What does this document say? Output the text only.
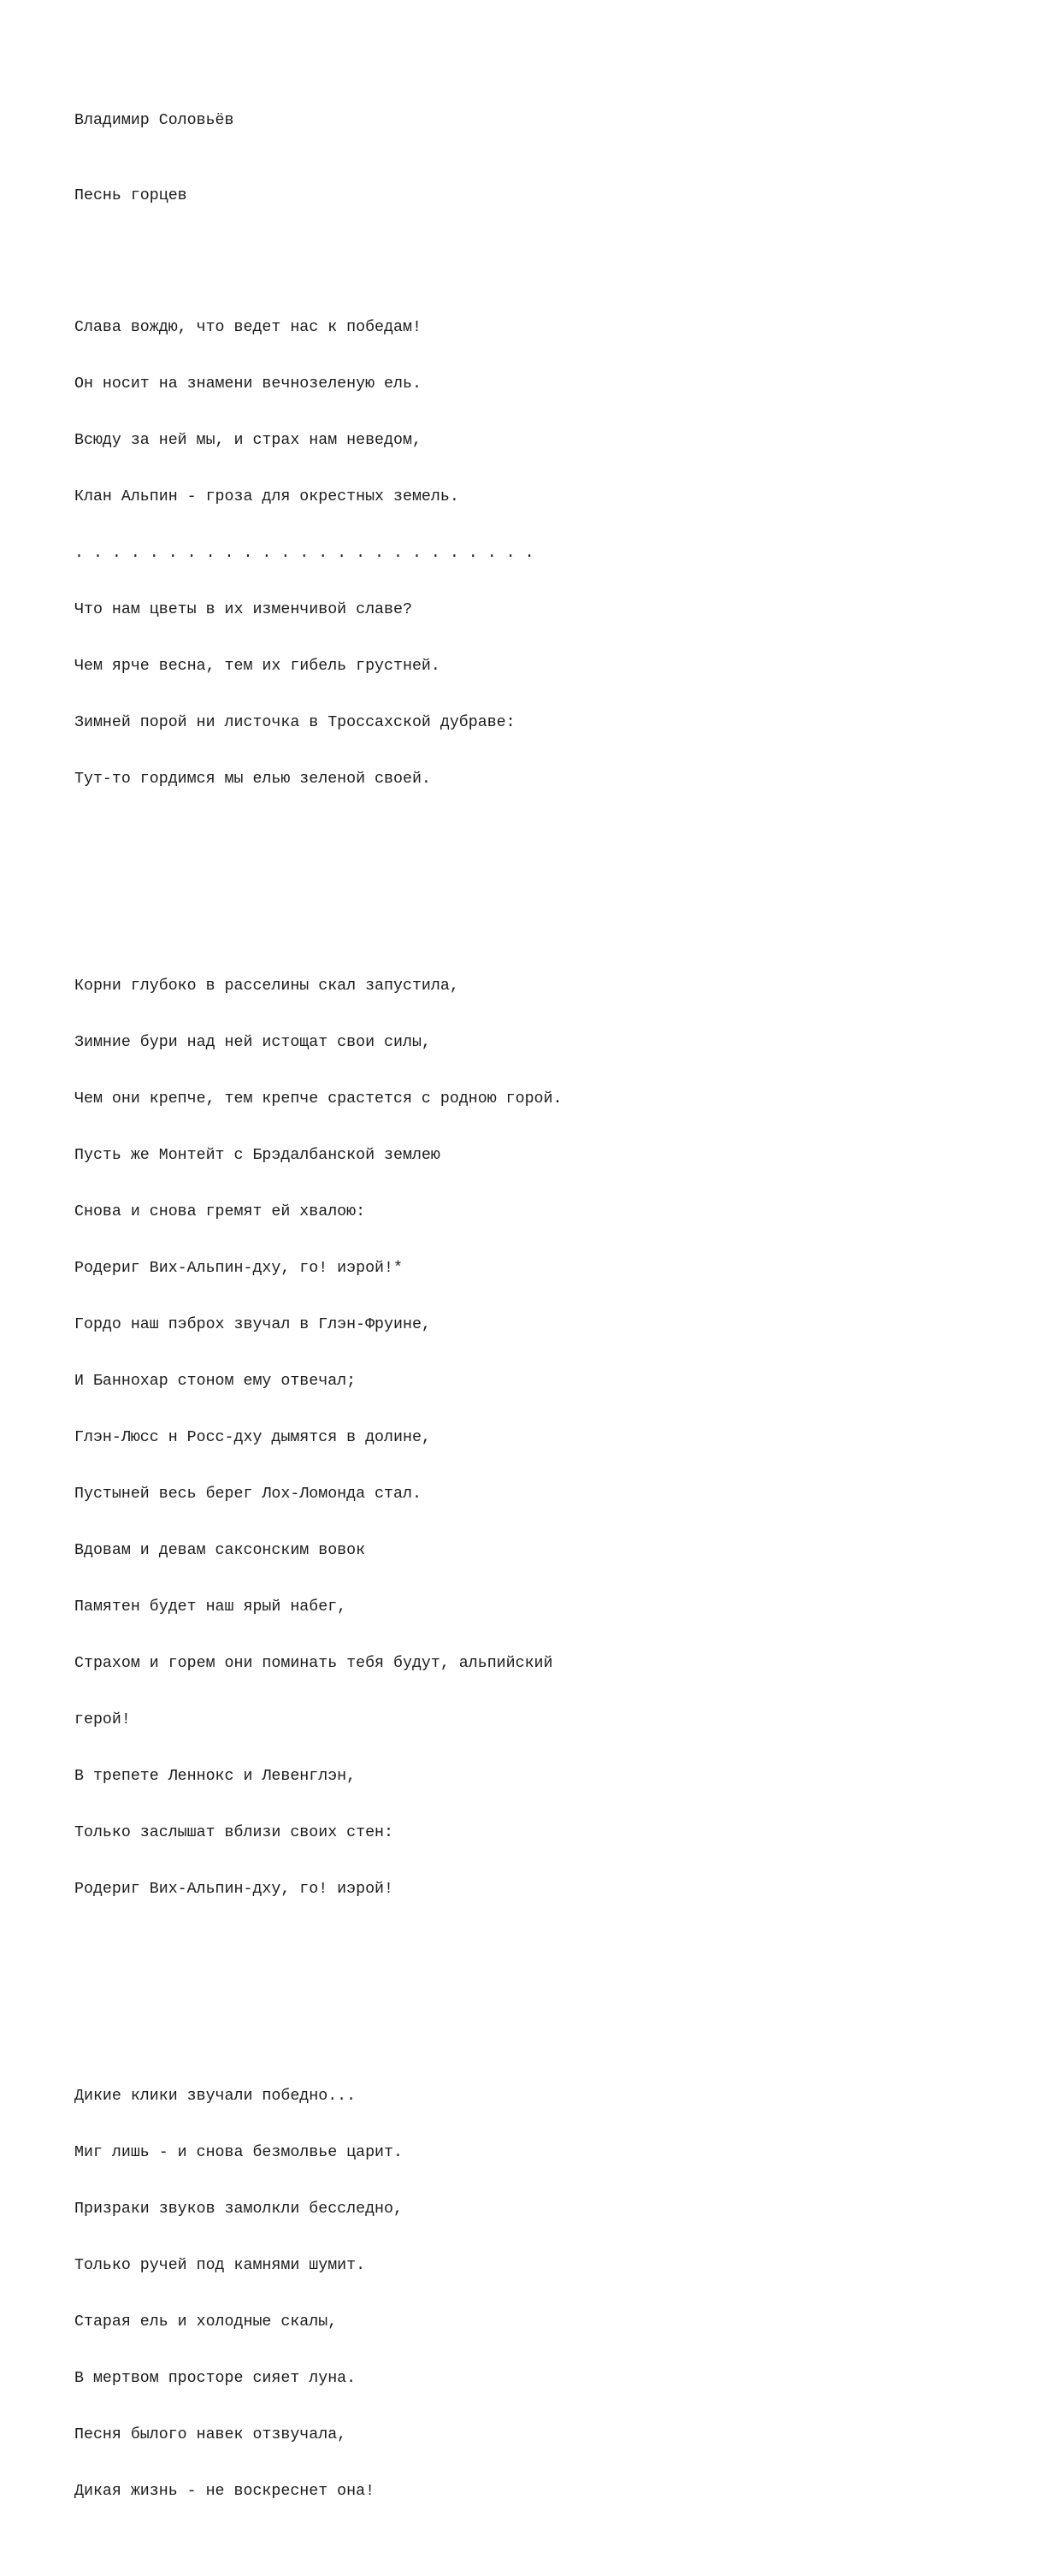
Владимир Соловьёв

Песнь горцев

Слава вождю, что ведет нас к победам!

Он носит на знамени вечнозеленую ель.

Всюду за ней мы, и страх нам неведом,

Клан Альпин - гроза для окрестных земель.

. . . . . . . . . . . . . . . . . . . . . . . . .

Что нам цветы в их изменчивой славе?

Чем ярче весна, тем их гибель грустней.

Зимней порой ни листочка в Троссахской дубраве:

Тут-то гордимся мы елью зеленой своей.

Корни глубоко в расселины скал запустила,

Зимние бури над ней истощат свои силы,

Чем они крепче, тем крепче срастется с родною горой.

Пусть же Монтейт с Брэдалбанской землею

Снова и снова гремят ей хвалою:

Родериг Вих-Альпин-дху, го! иэрой!*

Гордо наш пэброх звучал в Глэн-Фруине,

И Баннохар стоном ему отвечал;

Глэн-Люсс н Росс-дху дымятся в долине,

Пустыней весь берег Лох-Ломонда стал.

Вдовам и девам саксонским вовок

Памятен будет наш ярый набег,

Страхом и горем они поминать тебя будут, альпийский

герой!

В трепете Леннокс и Левенглэн,

Только заслышат вблизи своих стен:

Родериг Вих-Альпин-дху, го! иэрой!

Дикие клики звучали победно...

Миг лишь - и снова безмолвье царит.

Призраки звуков замолкли бесследно,

Только ручей под камнями шумит.

Старая ель и холодные скалы,

В мертвом просторе сияет луна.

Песня былого навек отзвучала,

Дикая жизнь - не воскреснет она!
